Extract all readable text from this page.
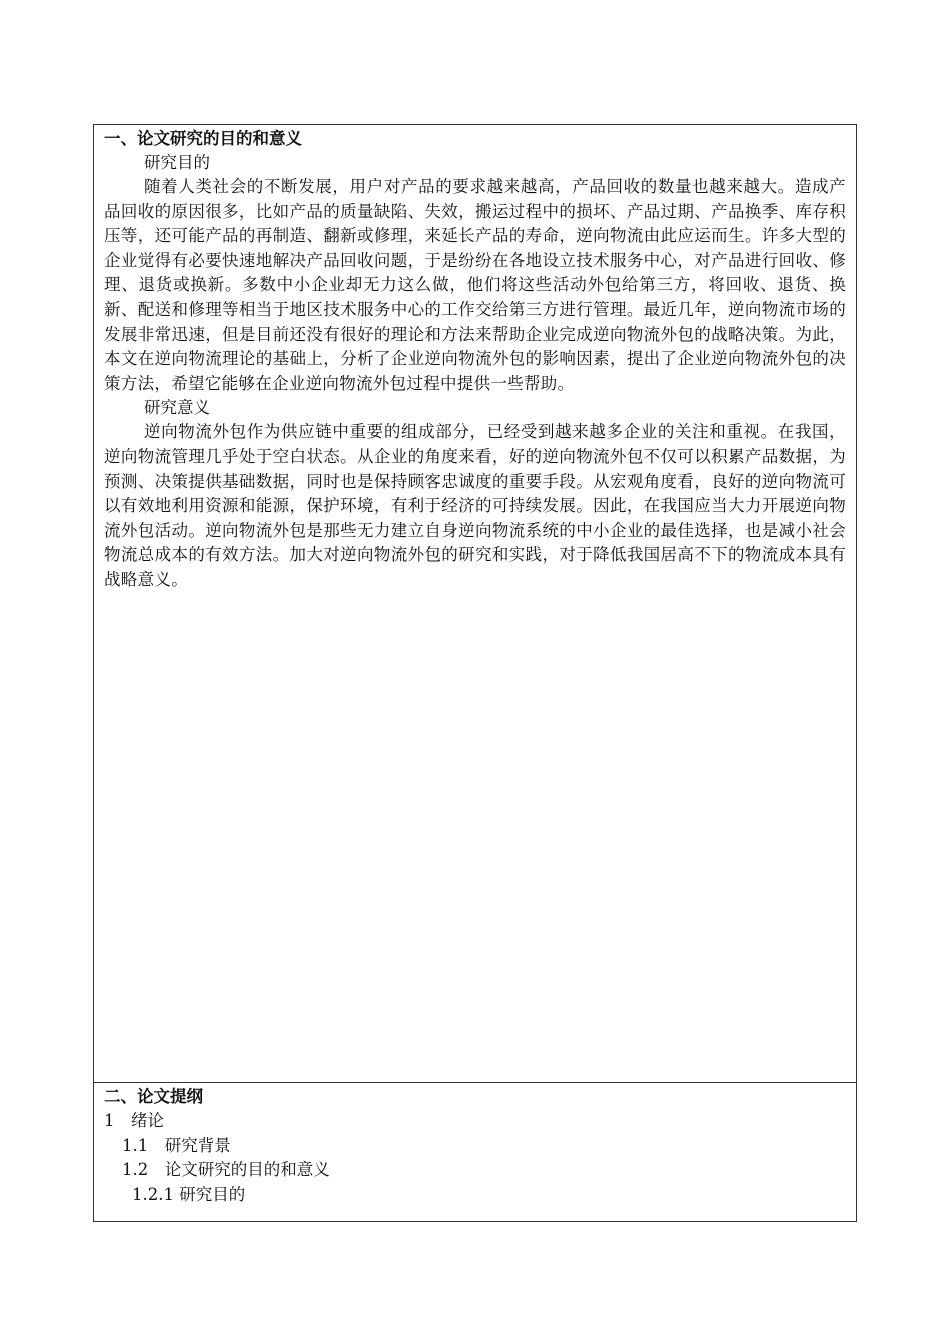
一、论文研究的目的和意义

研究目的

随着人类社会的不断发展，用户对产品的要求越来越高，产品回收的数量也越来越大。造成产品回收的原因很多，比如产品的质量缺陷、失效，搬运过程中的损坏、产品过期、产品换季、库存积压等，还可能产品的再制造、翻新或修理，来延长产品的寿命，逆向物流由此应运而生。许多大型的企业觉得有必要快速地解决产品回收问题，于是纷纷在各地设立技术服务中心，对产品进行回收、修理、退货或换新。多数中小企业却无力这么做，他们将这些活动外包给第三方，将回收、退货、换新、配送和修理等相当于地区技术服务中心的工作交给第三方进行管理。最近几年，逆向物流市场的发展非常迅速，但是目前还没有很好的理论和方法来帮助企业完成逆向物流外包的战略决策。为此，本文在逆向物流理论的基础上，分析了企业逆向物流外包的影响因素，提出了企业逆向物流外包的决策方法，希望它能够在企业逆向物流外包过程中提供一些帮助。

研究意义

逆向物流外包作为供应链中重要的组成部分，已经受到越来越多企业的关注和重视。在我国，逆向物流管理几乎处于空白状态。从企业的角度来看，好的逆向物流外包不仅可以积累产品数据，为预测、决策提供基础数据，同时也是保持顾客忠诚度的重要手段。从宏观角度看，良好的逆向物流可以有效地利用资源和能源，保护环境，有利于经济的可持续发展。因此，在我国应当大力开展逆向物流外包活动。逆向物流外包是那些无力建立自身逆向物流系统的中小企业的最佳选择，也是减小社会物流总成本的有效方法。加大对逆向物流外包的研究和实践，对于降低我国居高不下的物流成本具有战略意义。

二、论文提纲

1　绪论

1.1　研究背景

1.2　论文研究的目的和意义

1.2.1 研究目的
